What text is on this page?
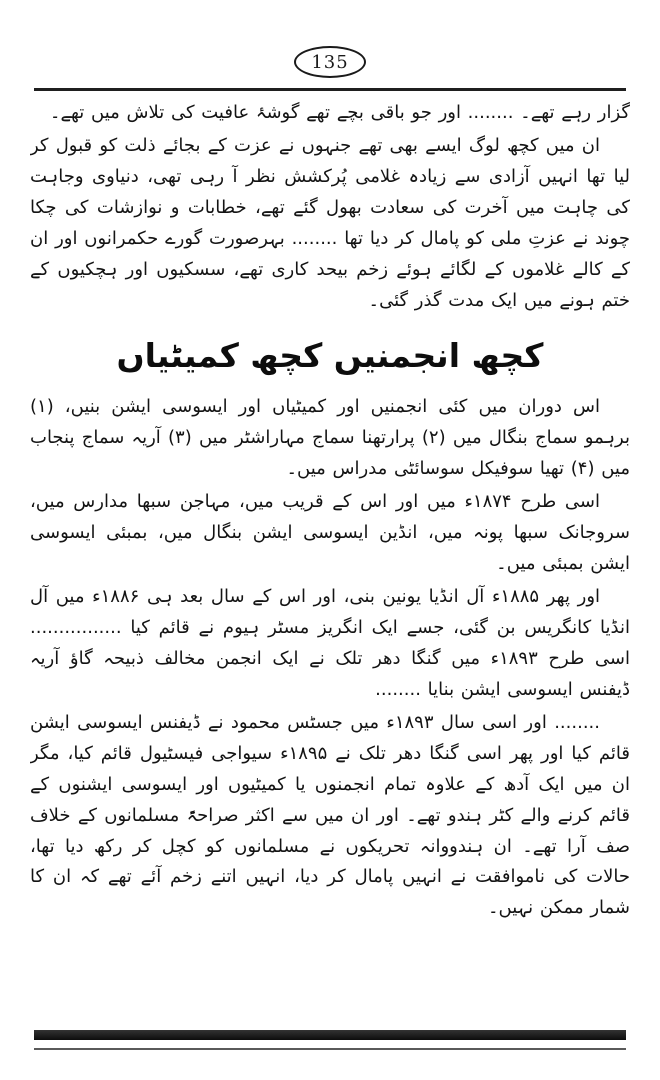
135

گزار رہے تھے۔ ........ اور جو باقی بچے تھے گوشۂ عافیت کی تلاش میں تھے۔

ان میں کچھ لوگ ایسے بھی تھے جنہوں نے عزت کے بجائے ذلت کو قبول کر لیا تھا انہیں آزادی سے زیادہ غلامی پُرکشش نظر آ رہی تھی، دنیاوی وجاہت کی چاہت میں آخرت کی سعادت بھول گئے تھے، خطابات و نوازشات کی چکا چوند نے عزتِ ملی کو پامال کر دیا تھا ........ بہرصورت گورے حکمرانوں اور ان کے کالے غلاموں کے لگائے ہوئے زخم بیحد کاری تھے، سسکیوں اور ہچکیوں کے ختم ہونے میں ایک مدت گذر گئی۔

کچھ انجمنیں کچھ کمیٹیاں

اس دوران میں کئی انجمنیں اور کمیٹیاں اور ایسوسی ایشن بنیں، (۱) برہمو سماج بنگال میں (۲) پرارتھنا سماج مہاراشٹر میں (۳) آریہ سماج پنجاب میں (۴) تھیا سوفیکل سوسائٹی مدراس میں۔

اسی طرح ۱۸۷۴ء میں اور اس کے قریب میں، مہاجن سبھا مدارس میں، سروجانک سبھا پونہ میں، انڈین ایسوسی ایشن بنگال میں، بمبئی ایسوسی ایشن بمبئی میں۔

اور پھر ۱۸۸۵ء آل انڈیا یونین بنی، اور اس کے سال بعد ہی ۱۸۸۶ء میں آل انڈیا کانگریس بن گئی، جسے ایک انگریز مسٹر ہیوم نے قائم کیا ................ اسی طرح ۱۸۹۳ء میں گنگا دھر تلک نے ایک انجمن مخالف ذبیحہ گاؤ آریہ ڈیفنس ایسوسی ایشن بنایا ........

........ اور اسی سال ۱۸۹۳ء میں جسٹس محمود نے ڈیفنس ایسوسی ایشن قائم کیا اور پھر اسی گنگا دھر تلک نے ۱۸۹۵ء سیواجی فیسٹیول قائم کیا، مگر ان میں ایک آدھ کے علاوہ تمام انجمنوں یا کمیٹیوں اور ایسوسی ایشنوں کے قائم کرنے والے کٹر ہندو تھے۔ اور ان میں سے اکثر صراحۃً مسلمانوں کے خلاف صف آرا تھے۔ ان ہندووانہ تحریکوں نے مسلمانوں کو کچل کر رکھ دیا تھا، حالات کی ناموافقت نے انہیں پامال کر دیا، انہیں اتنے زخم آئے تھے کہ ان کا شمار ممکن نہیں۔
